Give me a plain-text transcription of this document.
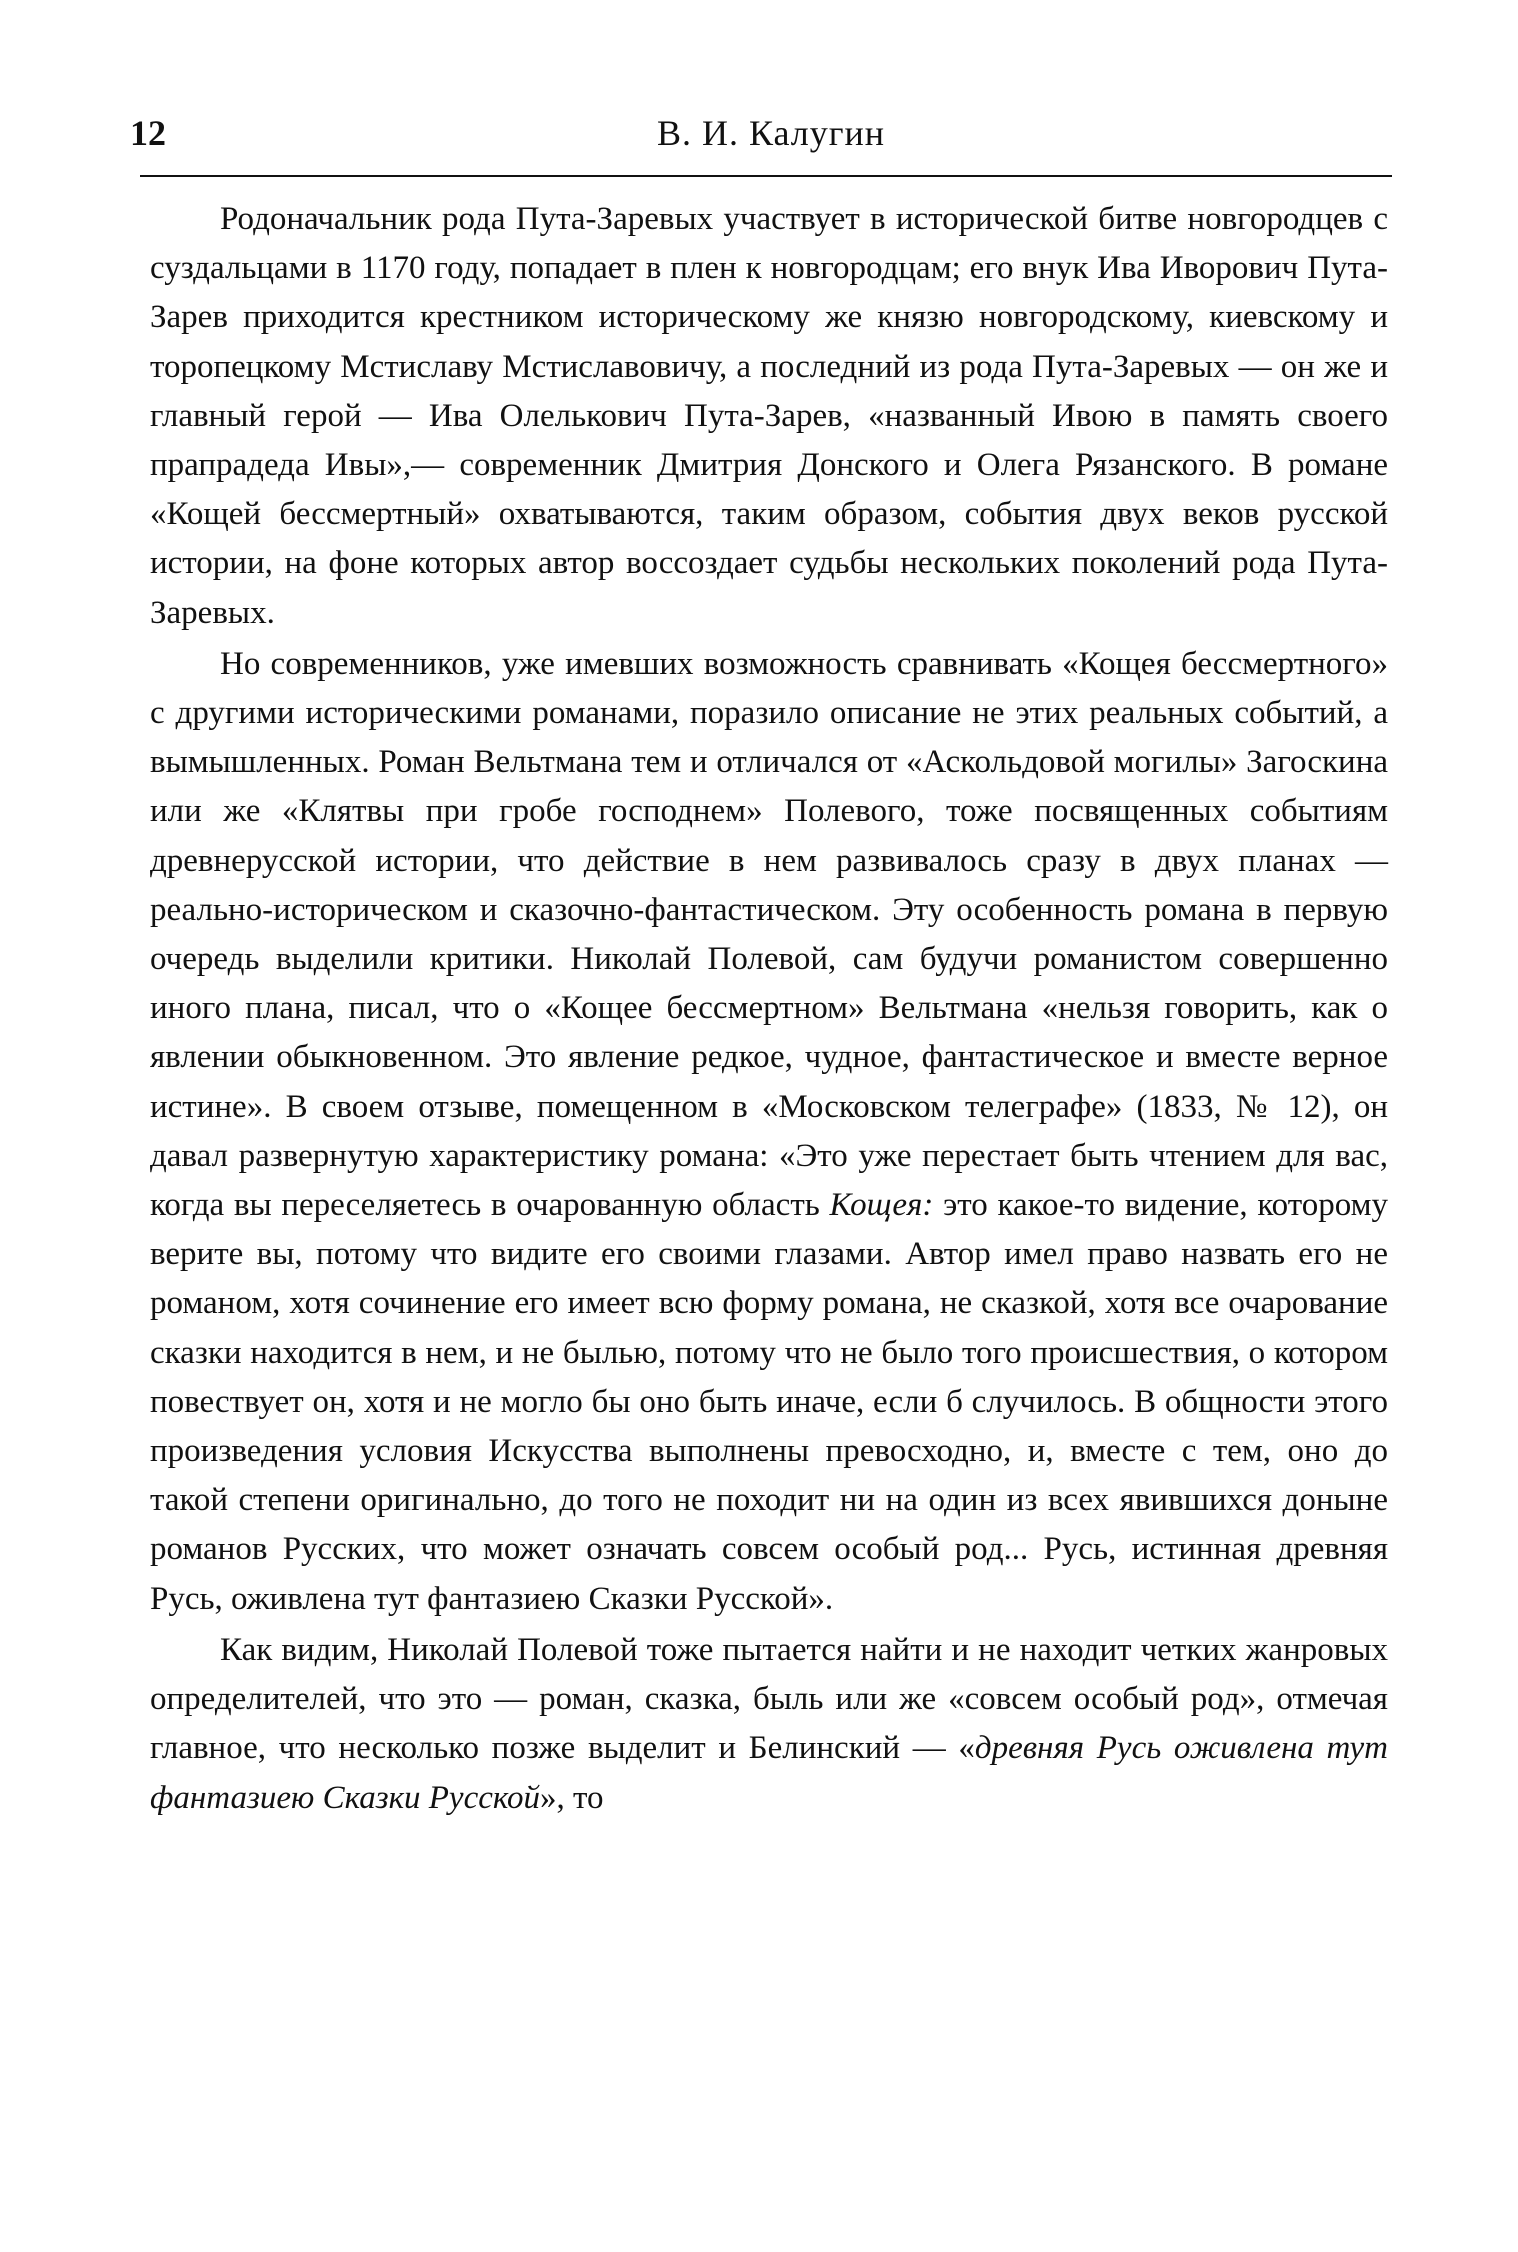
12	В. И. Калугин

Родоначальник рода Пута-Заревых участвует в исторической битве новгородцев с суздальцами в 1170 году, попадает в плен к новгородцам; его внук Ива Иворович Пута-Зарев приходится крестником историческому же князю новгородскому, киевскому и торопецкому Мстиславу Мстиславовичу, а последний из рода Пута-Заревых — он же и главный герой — Ива Олелькович Пута-Зарев, «названный Ивою в память своего прапрадеда Ивы»,— современник Дмитрия Донского и Олега Рязанского. В романе «Кощей бессмертный» охватываются, таким образом, события двух веков русской истории, на фоне которых автор воссоздает судьбы нескольких поколений рода Пута-Заревых.

Но современников, уже имевших возможность сравнивать «Кощея бессмертного» с другими историческими романами, поразило описание не этих реальных событий, а вымышленных. Роман Вельтмана тем и отличался от «Аскольдовой могилы» Загоскина или же «Клятвы при гробе господнем» Полевого, тоже посвященных событиям древнерусской истории, что действие в нем развивалось сразу в двух планах — реально-историческом и сказочно-фантастическом. Эту особенность романа в первую очередь выделили критики. Николай Полевой, сам будучи романистом совершенно иного плана, писал, что о «Кощее бессмертном» Вельтмана «нельзя говорить, как о явлении обыкновенном. Это явление редкое, чудное, фантастическое и вместе верное истине». В своем отзыве, помещенном в «Московском телеграфе» (1833, № 12), он давал развернутую характеристику романа: «Это уже перестает быть чтением для вас, когда вы переселяетесь в очарованную область Кощея: это какое-то видение, которому верите вы, потому что видите его своими глазами. Автор имел право назвать его не романом, хотя сочинение его имеет всю форму романа, не сказкой, хотя все очарование сказки находится в нем, и не былью, потому что не было того происшествия, о котором повествует он, хотя и не могло бы оно быть иначе, если б случилось. В общности этого произведения условия Искусства выполнены превосходно, и, вместе с тем, оно до такой степени оригинально, до того не походит ни на один из всех явившихся доныне романов Русских, что может означать совсем особый род... Русь, истинная древняя Русь, оживлена тут фантазиею Сказки Русской».

Как видим, Николай Полевой тоже пытается найти и не находит четких жанровых определителей, что это — роман, сказка, быль или же «совсем особый род», отмечая главное, что несколько позже выделит и Белинский — «древняя Русь оживлена тут фантазиею Сказки Русской», то
